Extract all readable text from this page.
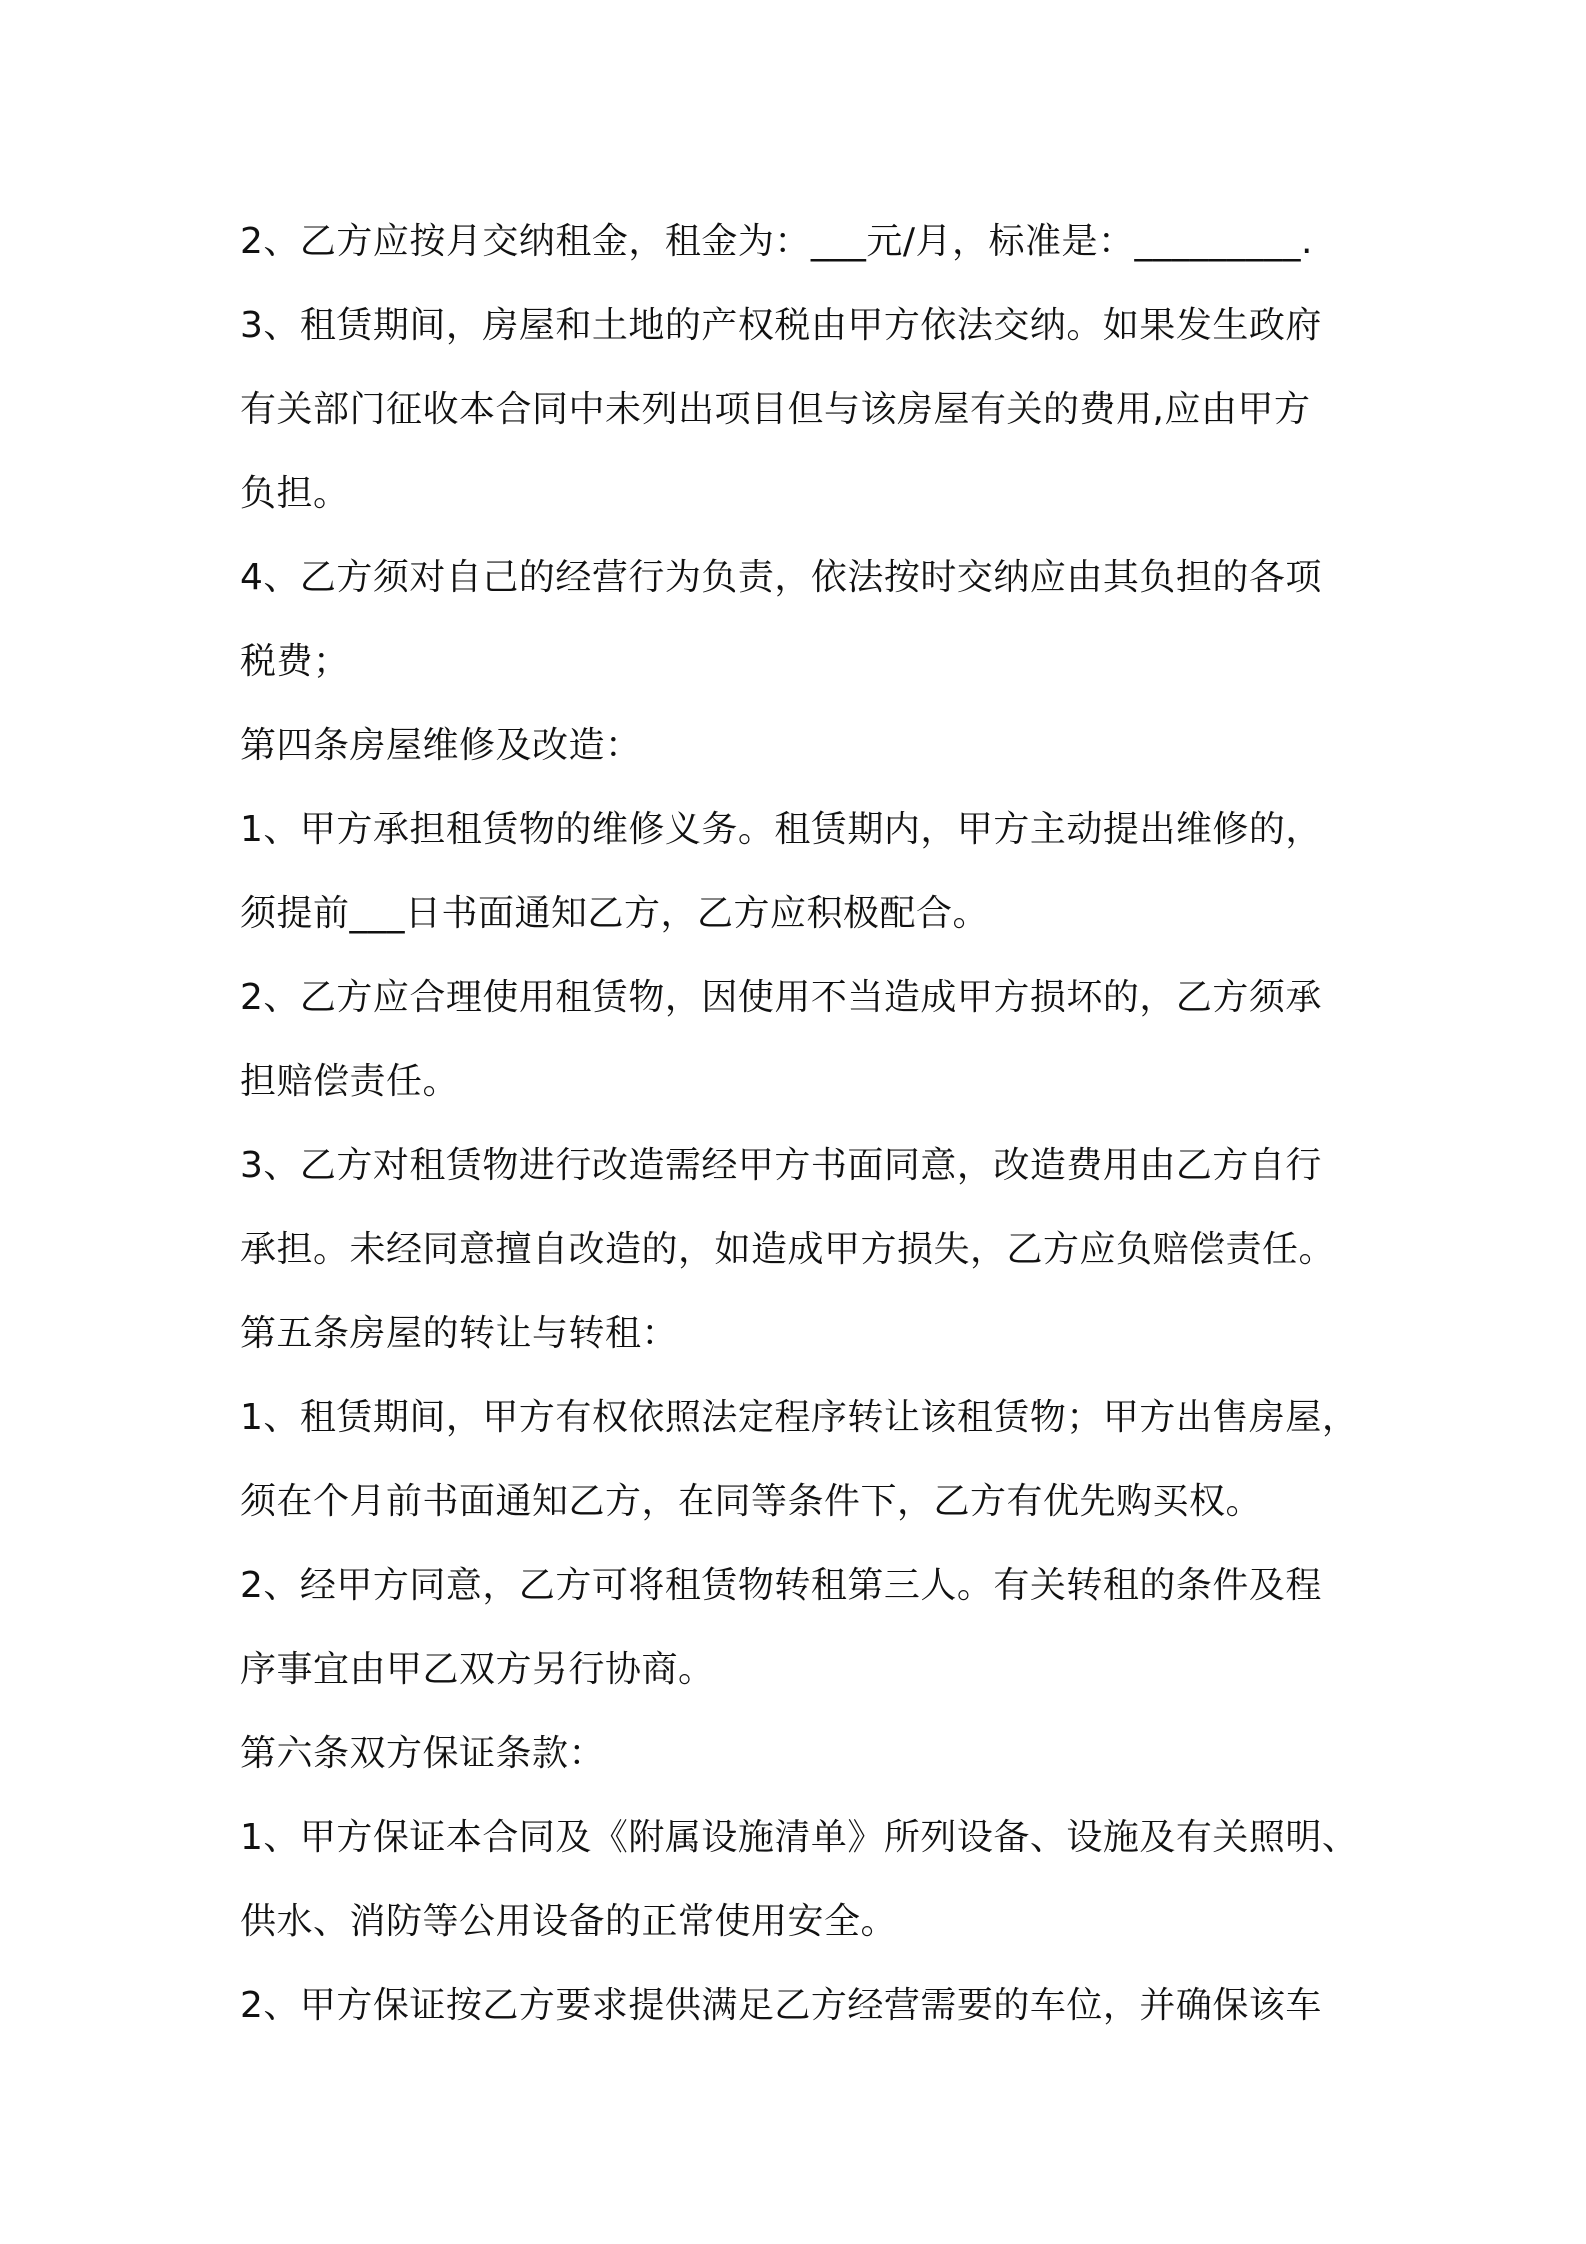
2、乙方应按月交纳租金，租金为：___元/月，标准是：_________.
3、租赁期间，房屋和土地的产权税由甲方依法交纳。如果发生政府
有关部门征收本合同中未列出项目但与该房屋有关的费用,应由甲方
负担。
4、乙方须对自己的经营行为负责，依法按时交纳应由其负担的各项
税费；
第四条房屋维修及改造：
1、甲方承担租赁物的维修义务。租赁期内，甲方主动提出维修的，
须提前___日书面通知乙方，乙方应积极配合。
2、乙方应合理使用租赁物，因使用不当造成甲方损坏的，乙方须承
担赔偿责任。
3、乙方对租赁物进行改造需经甲方书面同意，改造费用由乙方自行
承担。未经同意擅自改造的，如造成甲方损失，乙方应负赔偿责任。
第五条房屋的转让与转租：
1、租赁期间，甲方有权依照法定程序转让该租赁物；甲方出售房屋，
须在个月前书面通知乙方，在同等条件下，乙方有优先购买权。
2、经甲方同意，乙方可将租赁物转租第三人。有关转租的条件及程
序事宜由甲乙双方另行协商。
第六条双方保证条款：
1、甲方保证本合同及《附属设施清单》所列设备、设施及有关照明、
供水、消防等公用设备的正常使用安全。
2、甲方保证按乙方要求提供满足乙方经营需要的车位，并确保该车
